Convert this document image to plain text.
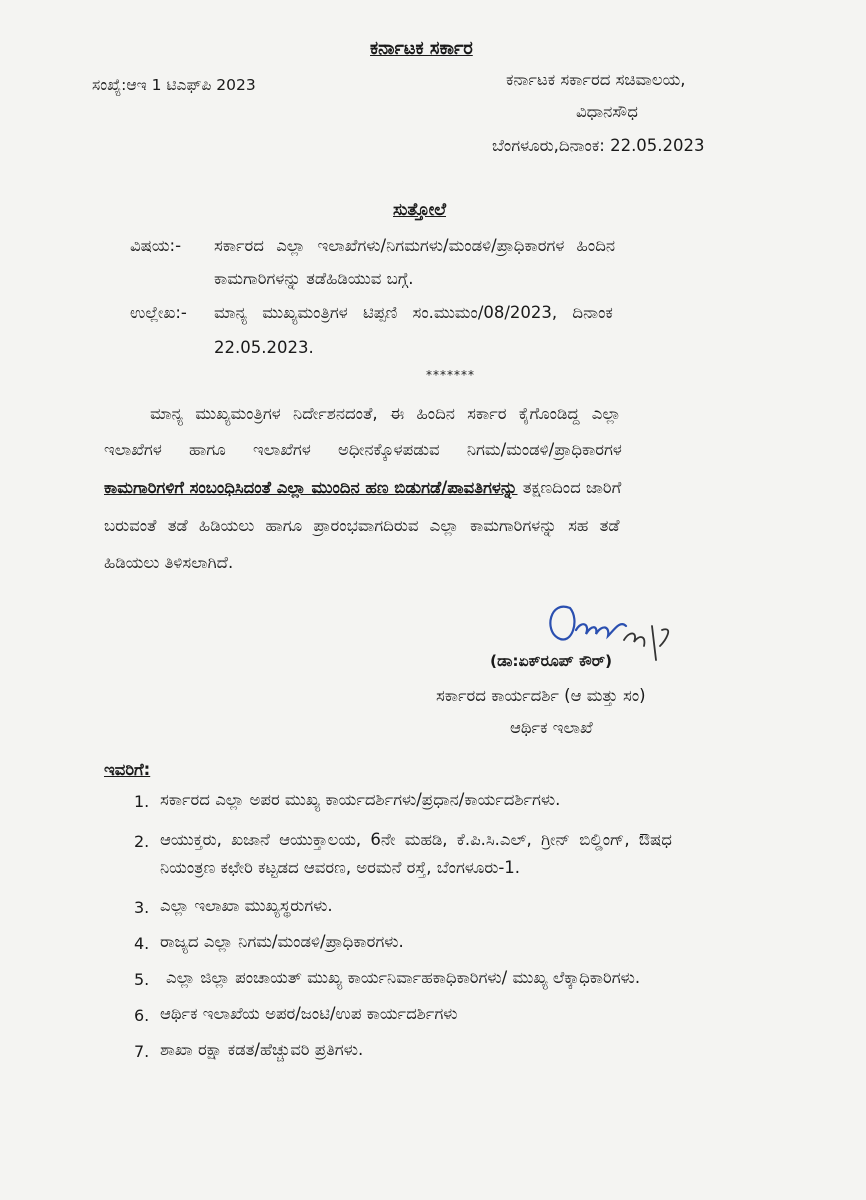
ಕರ್ನಾಟಕ ಸರ್ಕಾರ
ಸಂಖ್ಯೆ:ಆಇ 1 ಟಿಎಫ್‌ಪಿ 2023	ಕರ್ನಾಟಕ ಸರ್ಕಾರದ ಸಚಿವಾಲಯ,
ವಿಧಾನಸೌಧ
ಬೆಂಗಳೂರು,ದಿನಾಂಕ: 22.05.2023
ಸುತ್ತೋಲೆ
ವಿಷಯ:- ಸರ್ಕಾರದ ಎಲ್ಲಾ ಇಲಾಖೆಗಳು/ನಿಗಮಗಳು/ಮಂಡಳಿ/ಪ್ರಾಧಿಕಾರಗಳ ಹಿಂದಿನ
ಕಾಮಗಾರಿಗಳನ್ನು ತಡೆಹಿಡಿಯುವ ಬಗ್ಗೆ.
ಉಲ್ಲೇಖ:- ಮಾನ್ಯ ಮುಖ್ಯಮಂತ್ರಿಗಳ ಟಿಪ್ಪಣಿ ಸಂ.ಮುಮಂ/08/2023, ದಿನಾಂಕ
22.05.2023.
*******
ಮಾನ್ಯ ಮುಖ್ಯಮಂತ್ರಿಗಳ ನಿರ್ದೇಶನದಂತೆ, ಈ ಹಿಂದಿನ ಸರ್ಕಾರ ಕೈಗೊಂಡಿದ್ದ ಎಲ್ಲಾ
ಇಲಾಖೆಗಳ ಹಾಗೂ ಇಲಾಖೆಗಳ ಅಧೀನಕ್ಕೊಳಪಡುವ ನಿಗಮ/ಮಂಡಳಿ/ಪ್ರಾಧಿಕಾರಗಳ
ಕಾಮಗಾರಿಗಳಿಗೆ ಸಂಬಂಧಿಸಿದಂತೆ ಎಲ್ಲಾ ಮುಂದಿನ ಹಣ ಬಿಡುಗಡೆ/ಪಾವತಿಗಳನ್ನು ತಕ್ಷಣದಿಂದ ಜಾರಿಗೆ
ಬರುವಂತೆ ತಡೆ ಹಿಡಿಯಲು ಹಾಗೂ ಪ್ರಾರಂಭವಾಗದಿರುವ ಎಲ್ಲಾ ಕಾಮಗಾರಿಗಳನ್ನು ಸಹ ತಡೆ
ಹಿಡಿಯಲು ತಿಳಿಸಲಾಗಿದೆ.
(ಡಾ:ಏಕ್‌ರೂಪ್ ಕೌರ್)
ಸರ್ಕಾರದ ಕಾರ್ಯದರ್ಶಿ (ಆ ಮತ್ತು ಸಂ)
ಆರ್ಥಿಕ ಇಲಾಖೆ
ಇವರಿಗೆ:
1. ಸರ್ಕಾರದ ಎಲ್ಲಾ ಅಪರ ಮುಖ್ಯ ಕಾರ್ಯದರ್ಶಿಗಳು/ಪ್ರಧಾನ/ಕಾರ್ಯದರ್ಶಿಗಳು.
2. ಆಯುಕ್ತರು, ಖಜಾನೆ ಆಯುಕ್ತಾಲಯ, 6ನೇ ಮಹಡಿ, ಕೆ.ಪಿ.ಸಿ.ಎಲ್, ಗ್ರೀನ್ ಬಿಲ್ಡಿಂಗ್, ಔಷಧ
ನಿಯಂತ್ರಣ ಕಛೇರಿ ಕಟ್ಟಡದ ಆವರಣ, ಅರಮನೆ ರಸ್ತೆ, ಬೆಂಗಳೂರು-1.
3. ಎಲ್ಲಾ ಇಲಾಖಾ ಮುಖ್ಯಸ್ಥರುಗಳು.
4. ರಾಜ್ಯದ ಎಲ್ಲಾ ನಿಗಮ/ಮಂಡಳಿ/ಪ್ರಾಧಿಕಾರಗಳು.
5. ಎಲ್ಲಾ ಜಿಲ್ಲಾ ಪಂಚಾಯತ್ ಮುಖ್ಯ ಕಾರ್ಯನಿರ್ವಾಹಕಾಧಿಕಾರಿಗಳು/ ಮುಖ್ಯ ಲೆಕ್ಕಾಧಿಕಾರಿಗಳು.
6. ಆರ್ಥಿಕ ಇಲಾಖೆಯ ಅಪರ/ಜಂಟಿ/ಉಪ ಕಾರ್ಯದರ್ಶಿಗಳು
7. ಶಾಖಾ ರಕ್ಷಾ ಕಡತ/ಹೆಚ್ಚುವರಿ ಪ್ರತಿಗಳು.
